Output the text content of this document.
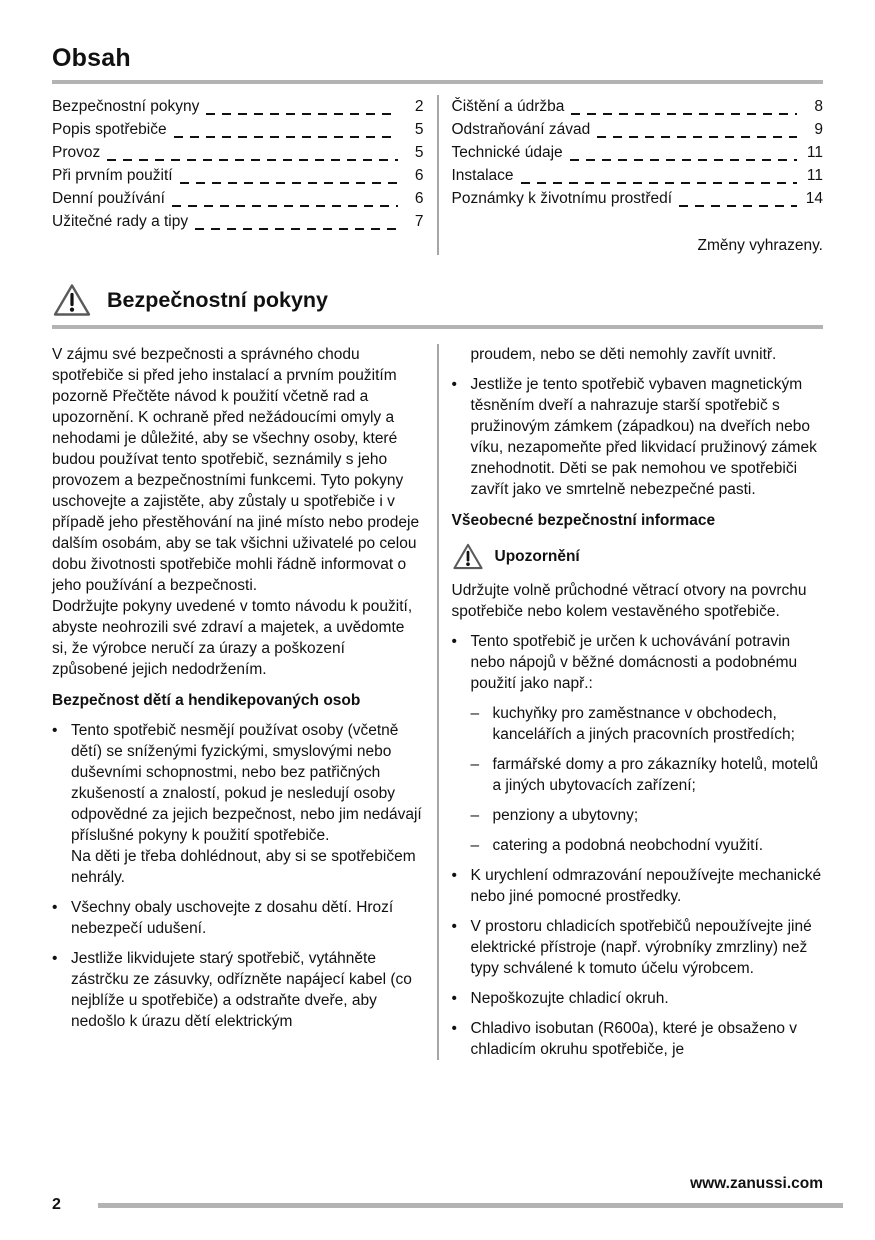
Obsah
Bezpečnostní pokyny	2
Popis spotřebiče	5
Provoz	5
Při prvním použití	6
Denní používání	6
Užitečné rady a tipy	7
Čištění a údržba	8
Odstraňování závad	9
Technické údaje	11
Instalace	11
Poznámky k životnímu prostředí	14
Změny vyhrazeny.
Bezpečnostní pokyny

V zájmu své bezpečnosti a správného chodu spotřebiče si před jeho instalací a prvním použitím pozorně Přečtěte návod k použití včetně rad a upozornění. K ochraně před nežádoucími omyly a nehodami je důležité, aby se všechny osoby, které budou používat tento spotřebič, seznámily s jeho provozem a bezpečnostními funkcemi. Tyto pokyny uschovejte a zajistěte, aby zůstaly u spotřebiče i v případě jeho přestěhování na jiné místo nebo prodeje dalším osobám, aby se tak všichni uživatelé po celou dobu životnosti spotřebiče mohli řádně informovat o jeho používání a bezpečnosti.

Dodržujte pokyny uvedené v tomto návodu k použití, abyste neohrozili své zdraví a majetek, a uvědomte si, že výrobce neručí za úrazy a poškození způsobené jejich nedodržením.

Bezpečnost dětí a hendikepovaných osob
• Tento spotřebič nesmějí používat osoby (včetně dětí) se sníženými fyzickými, smyslovými nebo duševními schopnostmi, nebo bez patřičných zkušeností a znalostí, pokud je nesledují osoby odpovědné za jejich bezpečnost, nebo jim nedávají příslušné pokyny k použití spotřebiče.

Na děti je třeba dohlédnout, aby si se spotřebičem nehrály.

• Všechny obaly uschovejte z dosahu dětí. Hrozí nebezpečí udušení.

• Jestliže likvidujete starý spotřebič, vytáhněte zástrčku ze zásuvky, odřízněte napájecí kabel (co nejblíže u spotřebiče) a odstraňte dveře, aby nedošlo k úrazu dětí elektrickým

proudem, nebo se děti nemohly zavřít uvnitř.

• Jestliže je tento spotřebič vybaven magnetickým těsněním dveří a nahrazuje starší spotřebič s pružinovým zámkem (západkou) na dveřích nebo víku, nezapomeňte před likvidací pružinový zámek znehodnotit. Děti se pak nemohou ve spotřebiči zavřít jako ve smrtelně nebezpečné pasti.

Všeobecné bezpečnostní informace
Upozornění

Udržujte volně průchodné větrací otvory na povrchu spotřebiče nebo kolem vestavěného spotřebiče.

• Tento spotřebič je určen k uchovávání potravin nebo nápojů v běžné domácnosti a podobnému použití jako např.:

– kuchyňky pro zaměstnance v obchodech, kancelářích a jiných pracovních prostředích;

– farmářské domy a pro zákazníky hotelů, motelů a jiných ubytovacích zařízení;

– penziony a ubytovny;

– catering a podobná neobchodní využití.

• K urychlení odmrazování nepoužívejte mechanické nebo jiné pomocné prostředky.

• V prostoru chladicích spotřebičů nepoužívejte jiné elektrické přístroje (např. výrobníky zmrzliny) než typy schválené k tomuto účelu výrobcem.

• Nepoškozujte chladicí okruh.

• Chladivo isobutan (R600a), které je obsaženo v chladicím okruhu spotřebiče, je

www.zanussi.com
2
